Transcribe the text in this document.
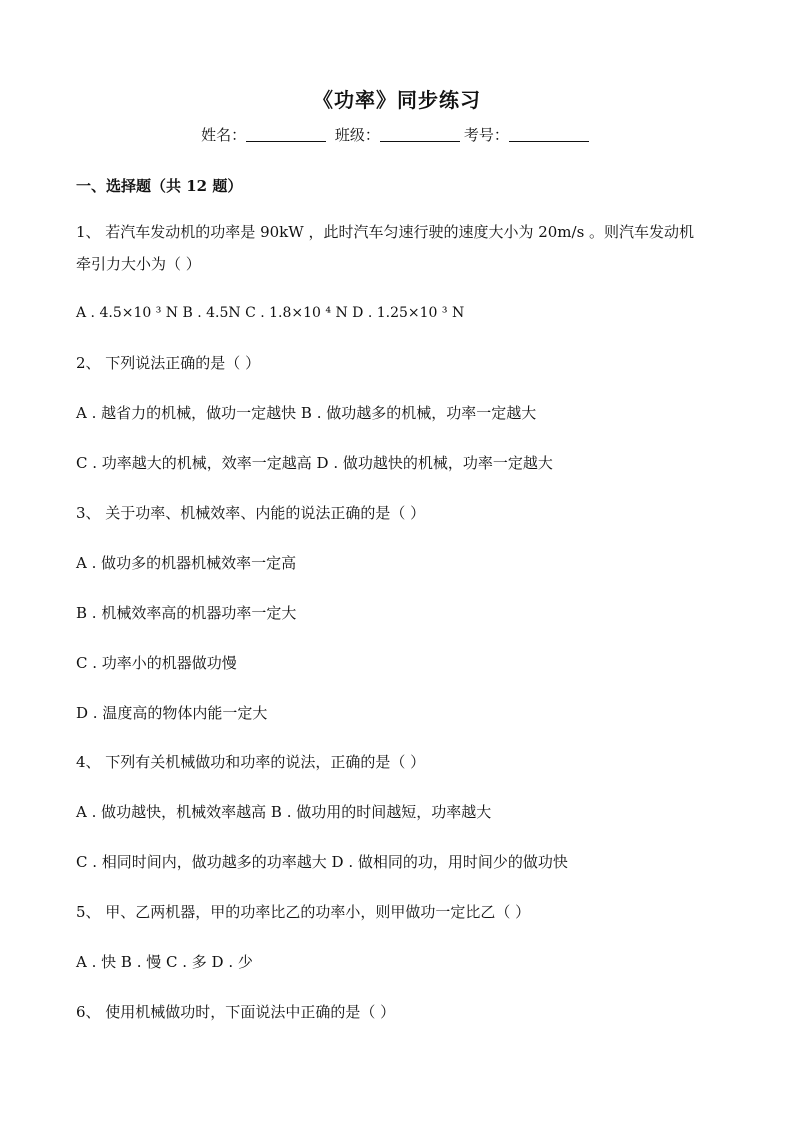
《功率》同步练习
姓名：	班级：	考号：
一、选择题（共 12 题）
1、 若汽车发动机的功率是 90kW ，此时汽车匀速行驶的速度大小为 20m/s 。则汽车发动机
牵引力大小为（ ）
A . 4.5×10 ³ N B . 4.5N C . 1.8×10 ⁴ N D . 1.25×10 ³ N
2、 下列说法正确的是（ ）
A . 越省力的机械，做功一定越快 B . 做功越多的机械，功率一定越大
C . 功率越大的机械，效率一定越高 D . 做功越快的机械，功率一定越大
3、 关于功率、机械效率、内能的说法正确的是（ ）
A . 做功多的机器机械效率一定高
B . 机械效率高的机器功率一定大
C . 功率小的机器做功慢
D . 温度高的物体内能一定大
4、 下列有关机械做功和功率的说法，正确的是（ ）
A . 做功越快，机械效率越高 B . 做功用的时间越短，功率越大
C . 相同时间内，做功越多的功率越大 D . 做相同的功，用时间少的做功快
5、 甲、乙两机器，甲的功率比乙的功率小，则甲做功一定比乙（ ）
A . 快 B . 慢 C . 多 D . 少
6、 使用机械做功时，下面说法中正确的是（ ）
